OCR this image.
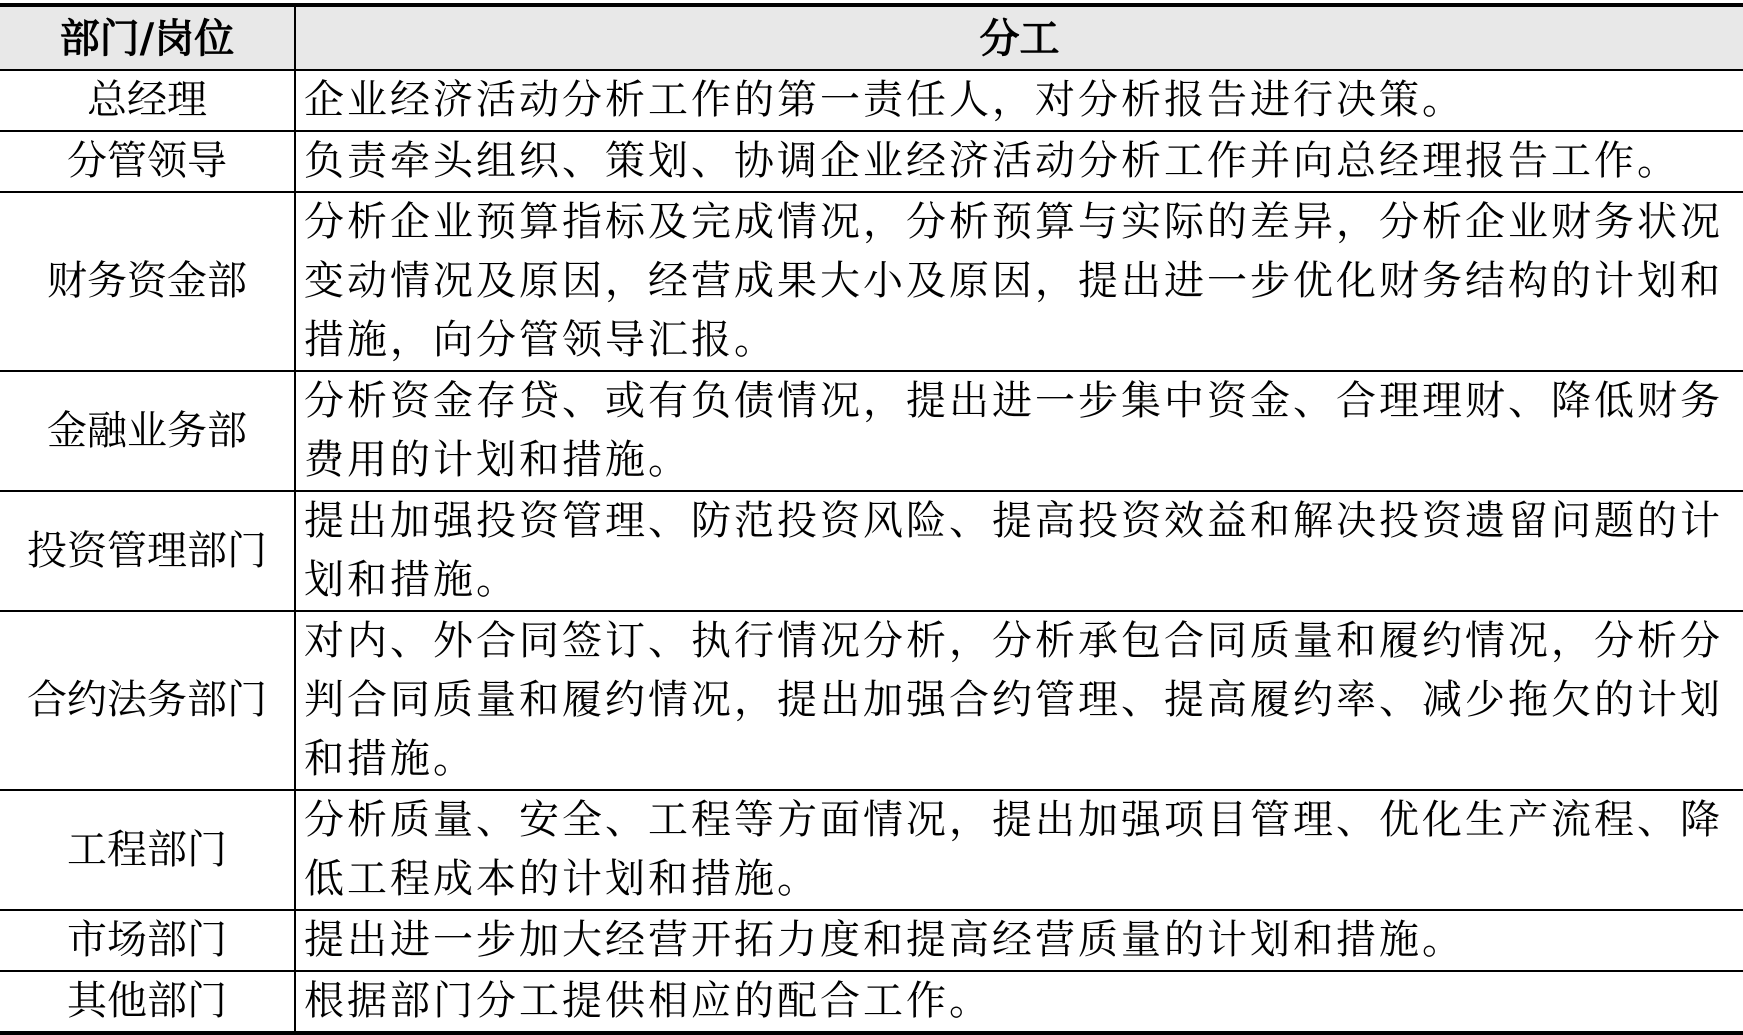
部门/岗位	分工
总经理	企业经济活动分析工作的第一责任人，对分析报告进行决策。
分管领导	负责牵头组织、策划、协调企业经济活动分析工作并向总经理报告工作。
财务资金部	分析企业预算指标及完成情况，分析预算与实际的差异，分析企业财务状况变动情况及原因，经营成果大小及原因，提出进一步优化财务结构的计划和措施，向分管领导汇报。
金融业务部	分析资金存贷、或有负债情况，提出进一步集中资金、合理理财、降低财务费用的计划和措施。
投资管理部门	提出加强投资管理、防范投资风险、提高投资效益和解决投资遗留问题的计划和措施。
合约法务部门	对内、外合同签订、执行情况分析，分析承包合同质量和履约情况，分析分判合同质量和履约情况，提出加强合约管理、提高履约率、减少拖欠的计划和措施。
工程部门	分析质量、安全、工程等方面情况，提出加强项目管理、优化生产流程、降低工程成本的计划和措施。
市场部门	提出进一步加大经营开拓力度和提高经营质量的计划和措施。
其他部门	根据部门分工提供相应的配合工作。
